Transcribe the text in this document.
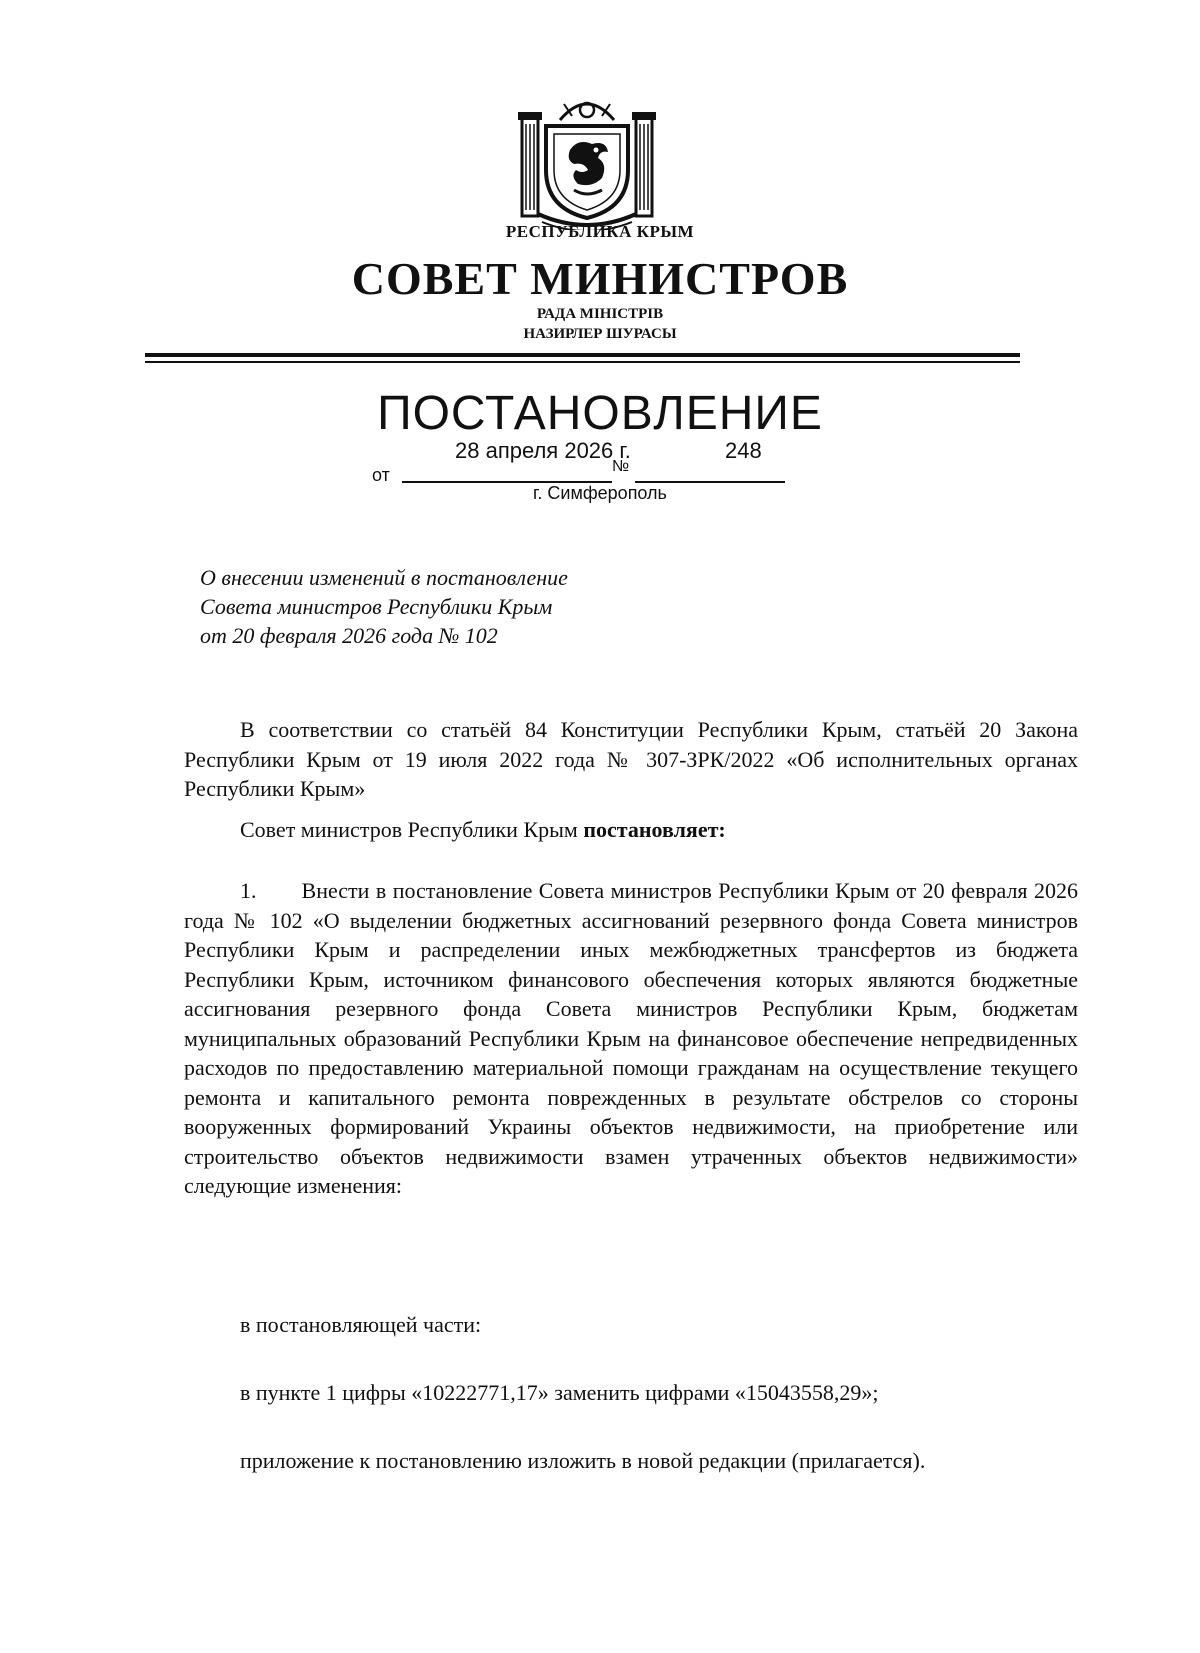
РЕСПУБЛИКА КРЫМ
СОВЕТ МИНИСТРОВ
РАДА МІНІСТРІВ
НАЗИРЛЕР ШУРАСЫ
ПОСТАНОВЛЕНИЕ
28 апреля 2026 г.	248
от	№
г. Симферополь
О внесении изменений в постановление
Совета министров Республики Крым
от 20 февраля 2026 года № 102
В соответствии со статьёй 84 Конституции Республики Крым, статьёй 20 Закона Республики Крым от 19 июля 2022 года № 307-ЗРК/2022 «Об исполнительных органах Республики Крым»
Совет министров Республики Крым постановляет:
1.       Внести в постановление Совета министров Республики Крым от 20 февраля 2026 года № 102 «О выделении бюджетных ассигнований резервного фонда Совета министров Республики Крым и распределении иных межбюджетных трансфертов из бюджета Республики Крым, источником финансового обеспечения которых являются бюджетные ассигнования резервного фонда Совета министров Республики Крым, бюджетам муниципальных образований Республики Крым на финансовое обеспечение непредвиденных расходов по предоставлению материальной помощи гражданам на осуществление текущего ремонта и капитального ремонта поврежденных в результате обстрелов со стороны вооруженных формирований Украины объектов недвижимости, на приобретение или строительство объектов недвижимости взамен утраченных объектов недвижимости» следующие изменения:
в постановляющей части:
в пункте 1 цифры «10222771,17» заменить цифрами «15043558,29»;
приложение к постановлению изложить в новой редакции (прилагается).
